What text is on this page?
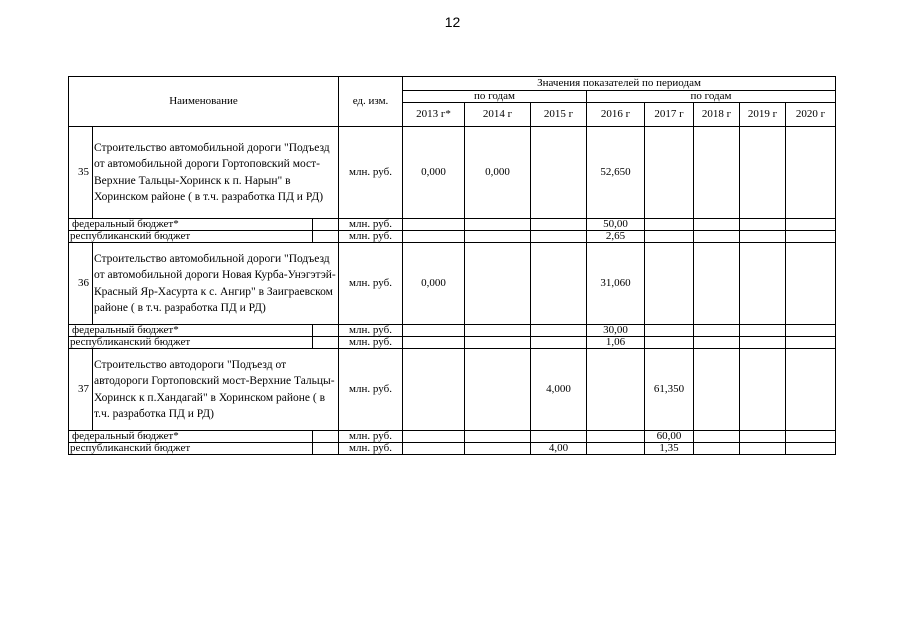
12
Наименование			ед. изм.	Значения показателей по периодам							
				по годам			по годам				
				2013 г*	2014 г	2015 г	2016 г	2017 г	2018 г	2019 г	2020 г
35	Строительство автомобильной дороги "Подъезд от автомобильной дороги Гортоповский мост-Верхние Тальцы-Хоринск к п. Нарын" в Хоринском районе ( в т.ч. разработка ПД и РД)		млн. руб.	0,000	0,000		52,650				
федеральный бюджет*			млн. руб.				50,00				
республиканский бюджет			млн. руб.				2,65				
36	Строительство автомобильной дороги "Подъезд от автомобильной дороги Новая Курба-Унэгэтэй-Красный Яр-Хасурта к с. Ангир" в Заиграевском районе ( в т.ч. разработка ПД и РД)		млн. руб.	0,000			31,060				
федеральный бюджет*			млн. руб.				30,00				
республиканский бюджет			млн. руб.				1,06				
37	Строительство автодороги "Подъезд от автодороги Гортоповский мост-Верхние Тальцы-Хоринск к п.Хандагай" в Хоринском районе ( в т.ч. разработка ПД и РД)		млн. руб.			4,000		61,350			
федеральный бюджет*			млн. руб.					60,00			
республиканский бюджет			млн. руб.			4,00		1,35			
